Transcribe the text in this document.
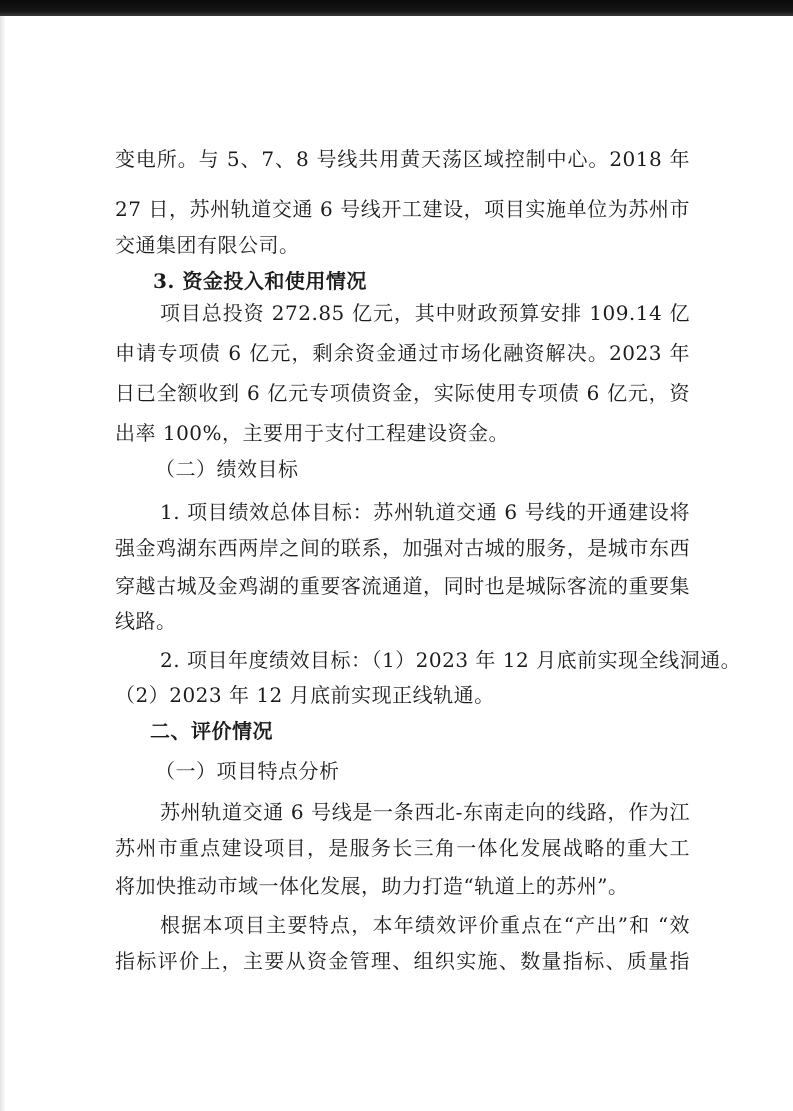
变电所。与 5、7、8 号线共用黄天荡区域控制中心。2018 年
27 日，苏州轨道交通 6 号线开工建设，项目实施单位为苏州市
交通集团有限公司。
3. 资金投入和使用情况
项目总投资 272.85 亿元，其中财政预算安排 109.14 亿
申请专项债 6 亿元，剩余资金通过市场化融资解决。2023 年
日已全额收到 6 亿元专项债资金，实际使用专项债 6 亿元，资
出率 100%，主要用于支付工程建设资金。
（二）绩效目标
1. 项目绩效总体目标：苏州轨道交通 6 号线的开通建设将
强金鸡湖东西两岸之间的联系，加强对古城的服务，是城市东西
穿越古城及金鸡湖的重要客流通道，同时也是城际客流的重要集
线路。
2. 项目年度绩效目标：（1）2023 年 12 月底前实现全线洞通。
（2）2023 年 12 月底前实现正线轨通。
二、评价情况
（一）项目特点分析
苏州轨道交通 6 号线是一条西北-东南走向的线路，作为江
苏州市重点建设项目，是服务长三角一体化发展战略的重大工
将加快推动市域一体化发展，助力打造“轨道上的苏州”。
根据本项目主要特点，本年绩效评价重点在“产出”和 “效
指标评价上，主要从资金管理、组织实施、数量指标、质量指
